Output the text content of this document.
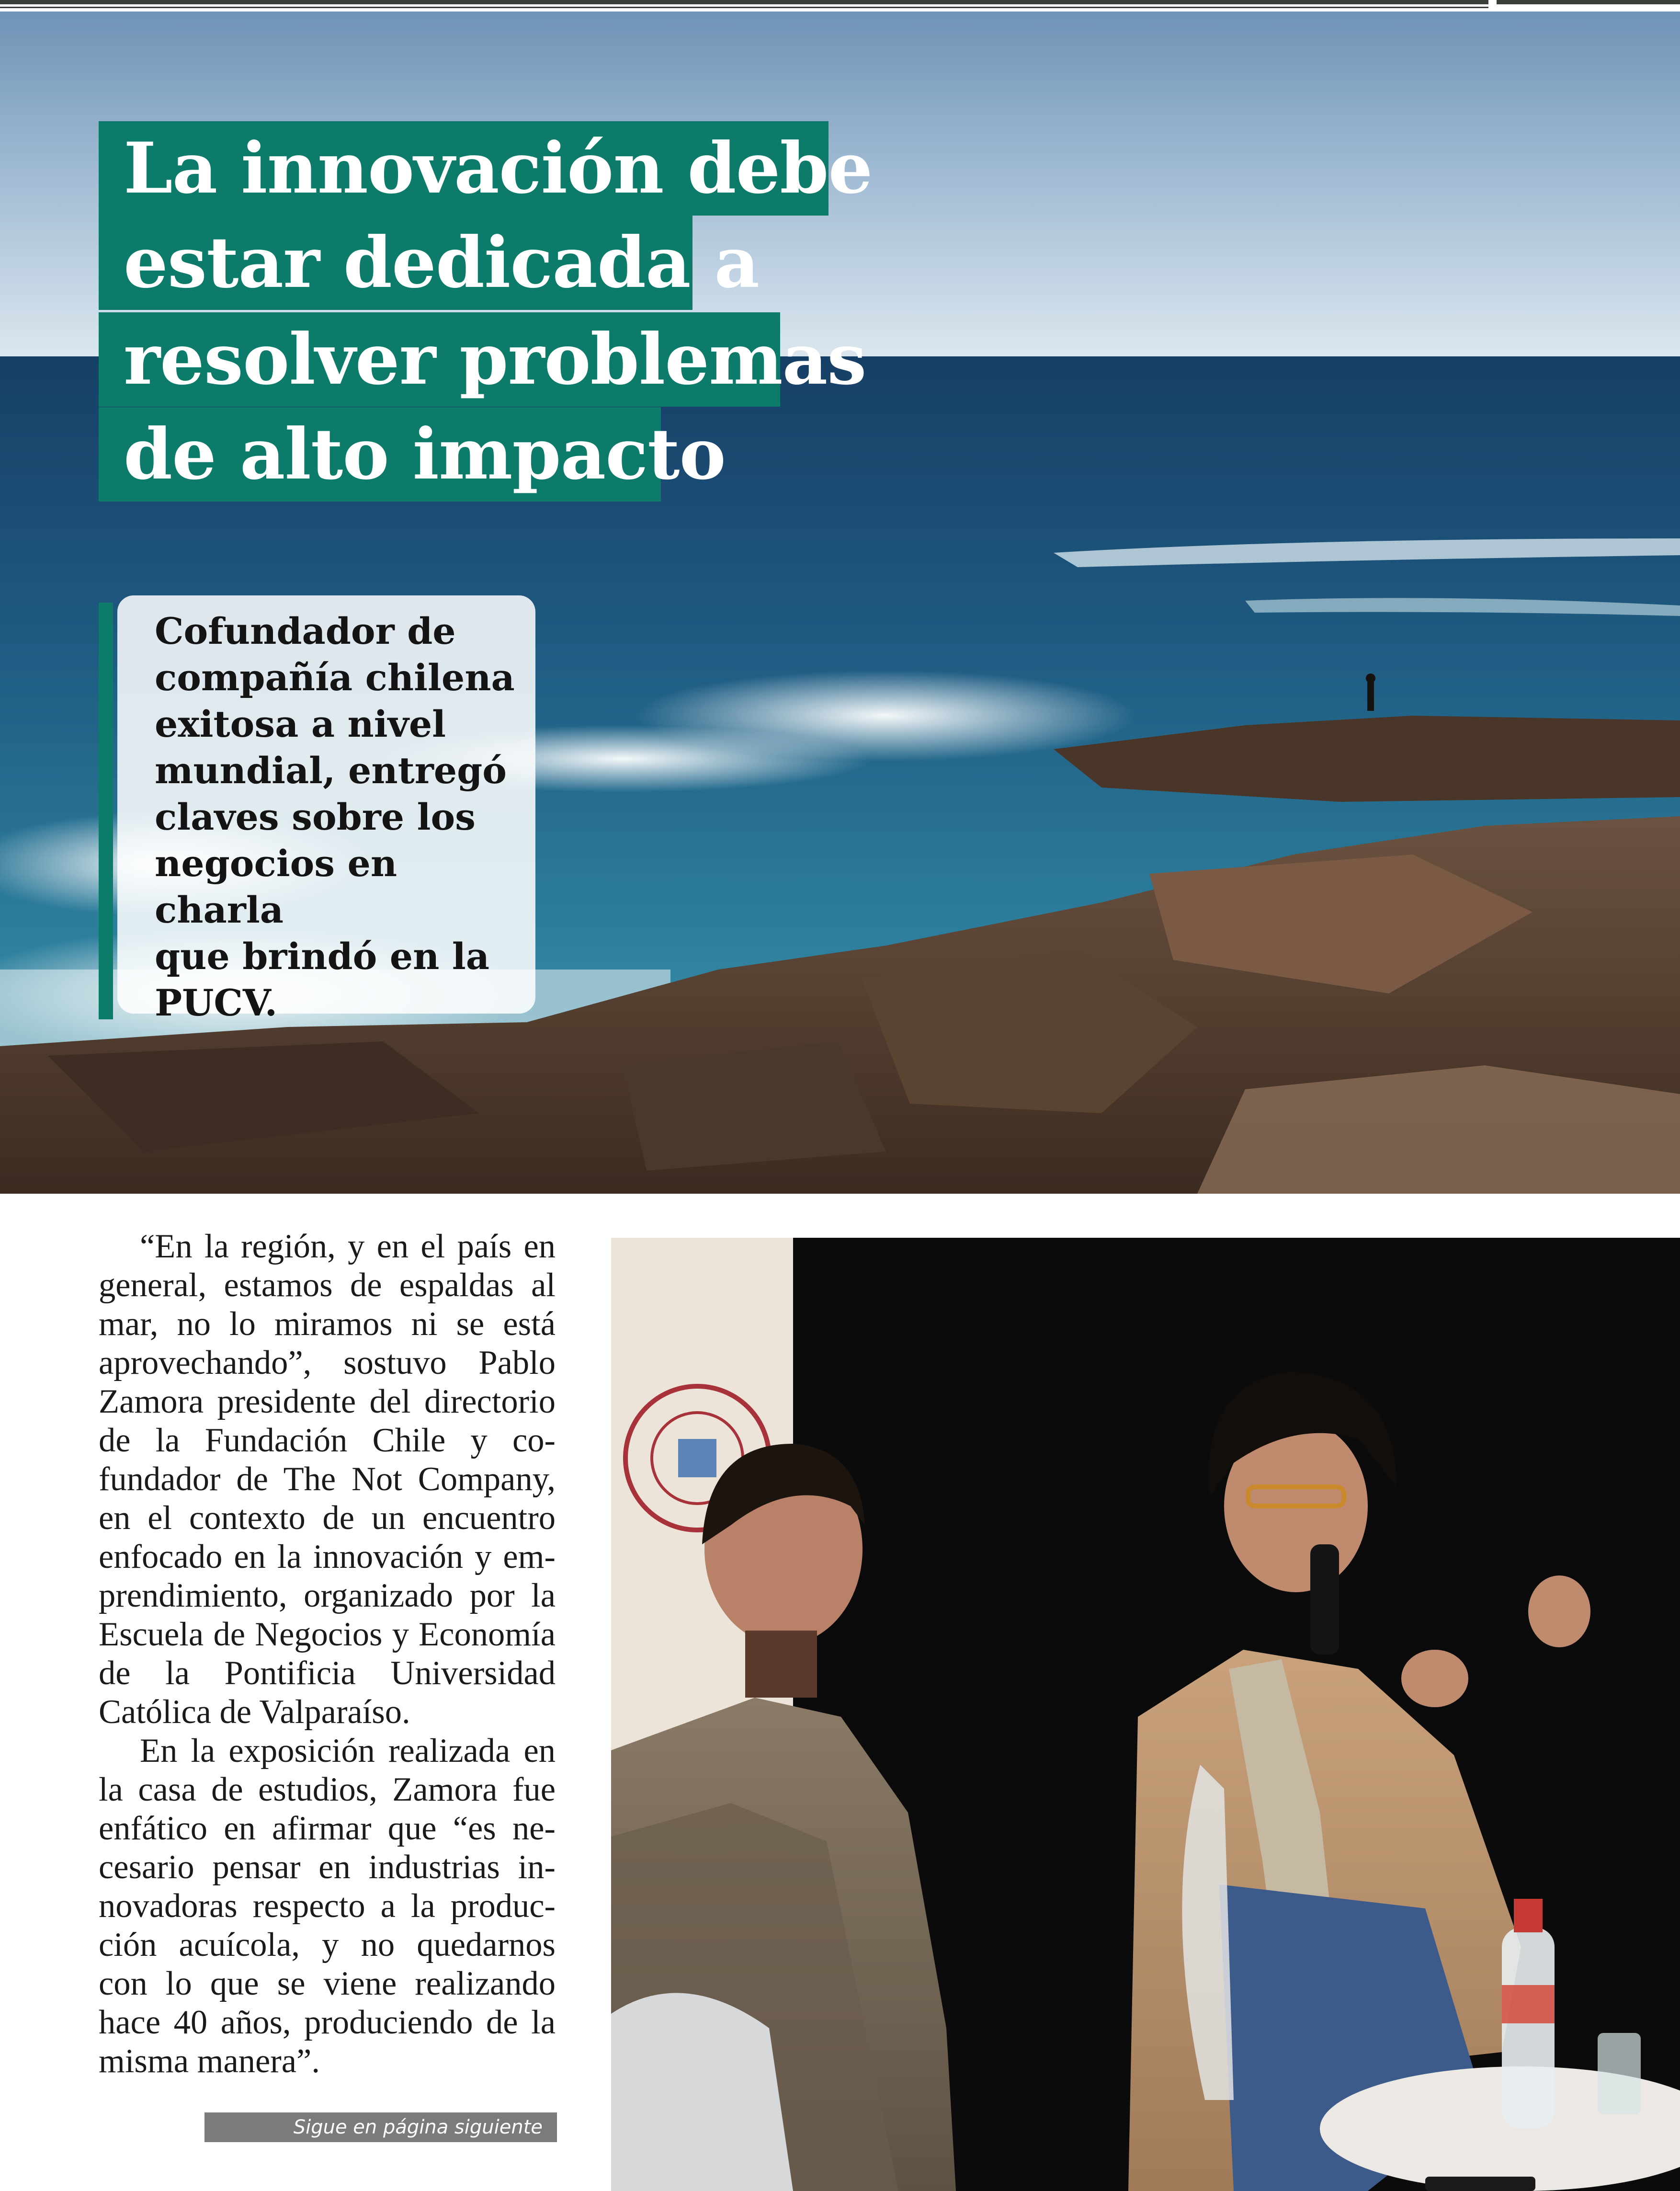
La innovación debe
estar dedicada a
resolver problemas
de alto impacto
Cofundador de
compañía chilena
exitosa a nivel
mundial, entregó
claves sobre los
negocios en charla
que brindó en la
PUCV.

“En la región, y en el país en general, estamos de espaldas al mar, no lo miramos ni se está aprovechando”, sostuvo Pablo Zamora presidente del directorio de la Fundación Chile y cofundador de The Not Company, en el contexto de un encuentro enfocado en la innovación y emprendimiento, organizado por la Escuela de Negocios y Economía de la Pontificia Universidad Católica de Valparaíso.

En la exposición realizada en la casa de estudios, Zamora fue enfático en afirmar que “es necesario pensar en industrias innovadoras respecto a la producción acuícola, y no quedarnos con lo que se viene realizando hace 40 años, produciendo de la misma manera”.

Sigue en página siguiente
